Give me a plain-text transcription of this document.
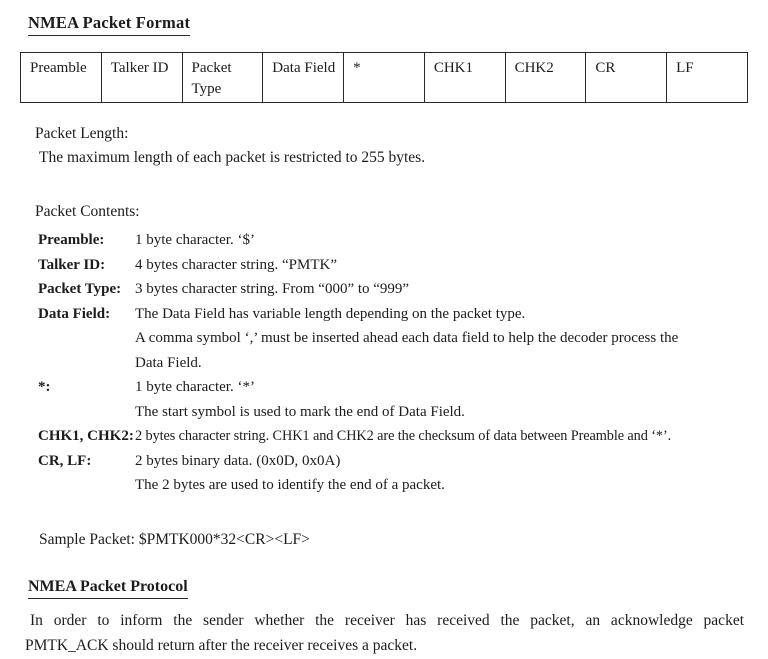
NMEA Packet Format
Preamble	Talker ID	Packet Type	Data Field	*	CHK1	CHK2	CR	LF
Packet Length:
The maximum length of each packet is restricted to 255 bytes.
Packet Contents:
Preamble:	1 byte character. ‘$’
Talker ID:	4 bytes character string. “PMTK”
Packet Type: 3 bytes character string. From “000” to “999”
Data Field:	The Data Field has variable length depending on the packet type.
A comma symbol ‘,’ must be inserted ahead each data field to help the decoder process the
Data Field.
*:	1 byte character. ‘*’
The start symbol is used to mark the end of Data Field.
CHK1, CHK2: 2 bytes character string. CHK1 and CHK2 are the checksum of data between Preamble and ‘*’.
CR, LF:	2 bytes binary data. (0x0D, 0x0A)
The 2 bytes are used to identify the end of a packet.
Sample Packet: $PMTK000*32<CR><LF>
NMEA Packet Protocol
In order to inform the sender whether the receiver has received the packet, an acknowledge packet
PMTK_ACK should return after the receiver receives a packet.
